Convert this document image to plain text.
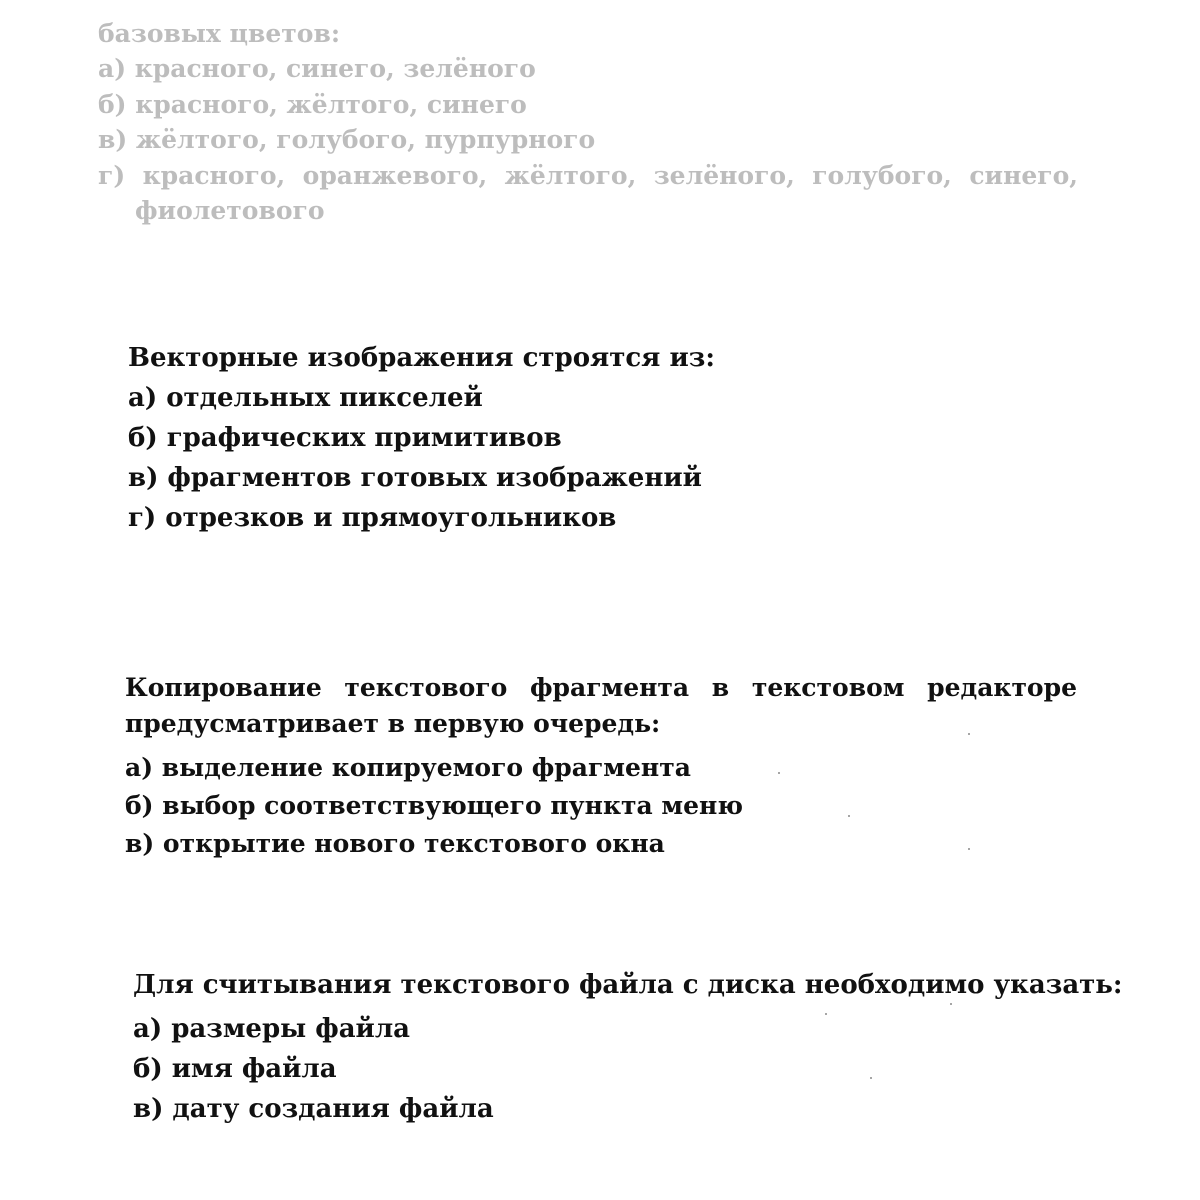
базовых цветов:
а) красного, синего, зелёного
б) красного, жёлтого, синего
в) жёлтого, голубого, пурпурного
г) красного, оранжевого, жёлтого, зелёного, голубого, синего,
фиолетового
Векторные изображения строятся из:
а) отдельных пикселей
б) графических примитивов
в) фрагментов готовых изображений
г) отрезков и прямоугольников
Копирование текстового фрагмента в текстовом редакторе
предусматривает в первую очередь:
а) выделение копируемого фрагмента
б) выбор соответствующего пункта меню
в) открытие нового текстового окна
Для считывания текстового файла с диска необходимо указать:
а) размеры файла
б) имя файла
в) дату создания файла
